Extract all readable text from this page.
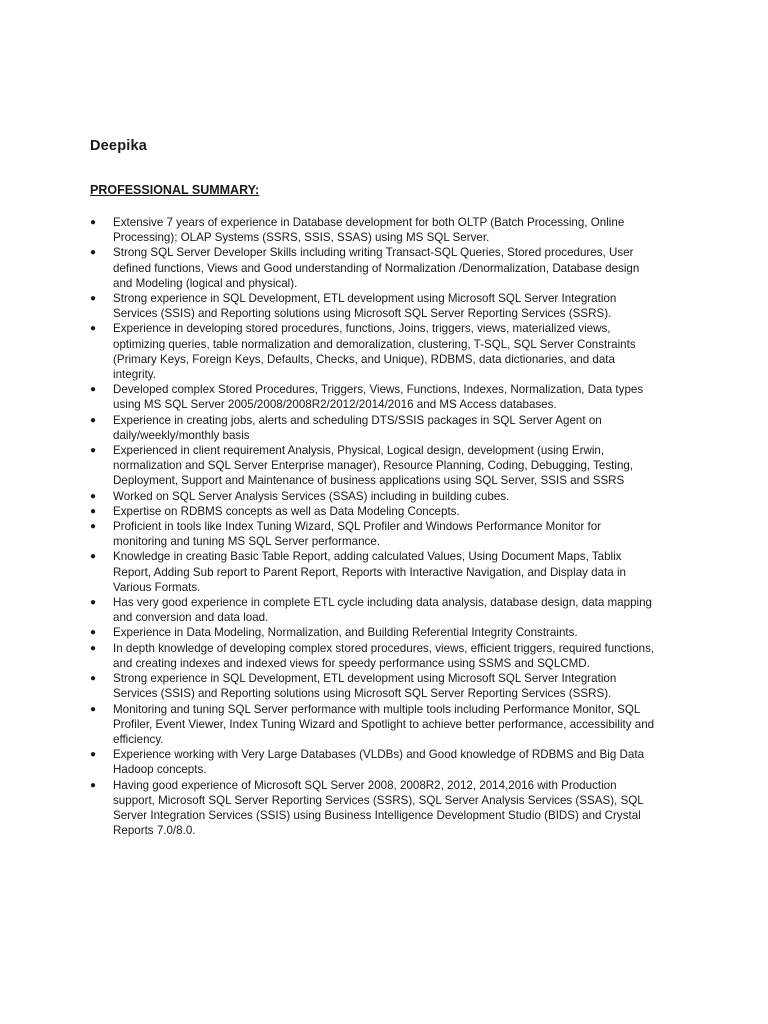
Deepika
PROFESSIONAL SUMMARY:
●	Extensive 7 years of experience in Database development for both OLTP (Batch Processing, Online Processing); OLAP Systems (SSRS, SSIS, SSAS) using MS SQL Server.
●	Strong SQL Server Developer Skills including writing Transact-SQL Queries, Stored procedures, User defined functions, Views and Good understanding of Normalization /Denormalization, Database design and Modeling (logical and physical).
●	Strong experience in SQL Development, ETL development using Microsoft SQL Server Integration Services (SSIS) and Reporting solutions using Microsoft SQL Server Reporting Services (SSRS).
●	Experience in developing stored procedures, functions, Joins, triggers, views, materialized views, optimizing queries, table normalization and demoralization, clustering, T-SQL, SQL Server Constraints (Primary Keys, Foreign Keys, Defaults, Checks, and Unique), RDBMS, data dictionaries, and data integrity.
●	Developed complex Stored Procedures, Triggers, Views, Functions, Indexes, Normalization, Data types using MS SQL Server 2005/2008/2008R2/2012/2014/2016 and MS Access databases.
●	Experience in creating jobs, alerts and scheduling DTS/SSIS packages in SQL Server Agent on daily/weekly/monthly basis
●	Experienced in client requirement Analysis, Physical, Logical design, development (using Erwin, normalization and SQL Server Enterprise manager), Resource Planning, Coding, Debugging, Testing, Deployment, Support and Maintenance of business applications using SQL Server, SSIS and SSRS
●	Worked on SQL Server Analysis Services (SSAS) including in building cubes.
●	Expertise on RDBMS concepts as well as Data Modeling Concepts.
●	Proficient in tools like Index Tuning Wizard, SQL Profiler and Windows Performance Monitor for monitoring and tuning MS SQL Server performance.
●	Knowledge in creating Basic Table Report, adding calculated Values, Using Document Maps, Tablix Report, Adding Sub report to Parent Report, Reports with Interactive Navigation, and Display data in Various Formats.
●	Has very good experience in complete ETL cycle including data analysis, database design, data mapping and conversion and data load.
●	Experience in Data Modeling, Normalization, and Building Referential Integrity Constraints.
●	In depth knowledge of developing complex stored procedures, views, efficient triggers, required functions, and creating indexes and indexed views for speedy performance using SSMS and SQLCMD.
●	Strong experience in SQL Development, ETL development using Microsoft SQL Server Integration Services (SSIS) and Reporting solutions using Microsoft SQL Server Reporting Services (SSRS).
●	Monitoring and tuning SQL Server performance with multiple tools including Performance Monitor, SQL Profiler, Event Viewer, Index Tuning Wizard and Spotlight to achieve better performance, accessibility and efficiency.
●	Experience working with Very Large Databases (VLDBs) and Good knowledge of RDBMS and Big Data Hadoop concepts.
●	Having good experience of Microsoft SQL Server 2008, 2008R2, 2012, 2014,2016 with Production support, Microsoft SQL Server Reporting Services (SSRS), SQL Server Analysis Services (SSAS), SQL Server Integration Services (SSIS) using Business Intelligence Development Studio (BIDS) and Crystal Reports 7.0/8.0.
